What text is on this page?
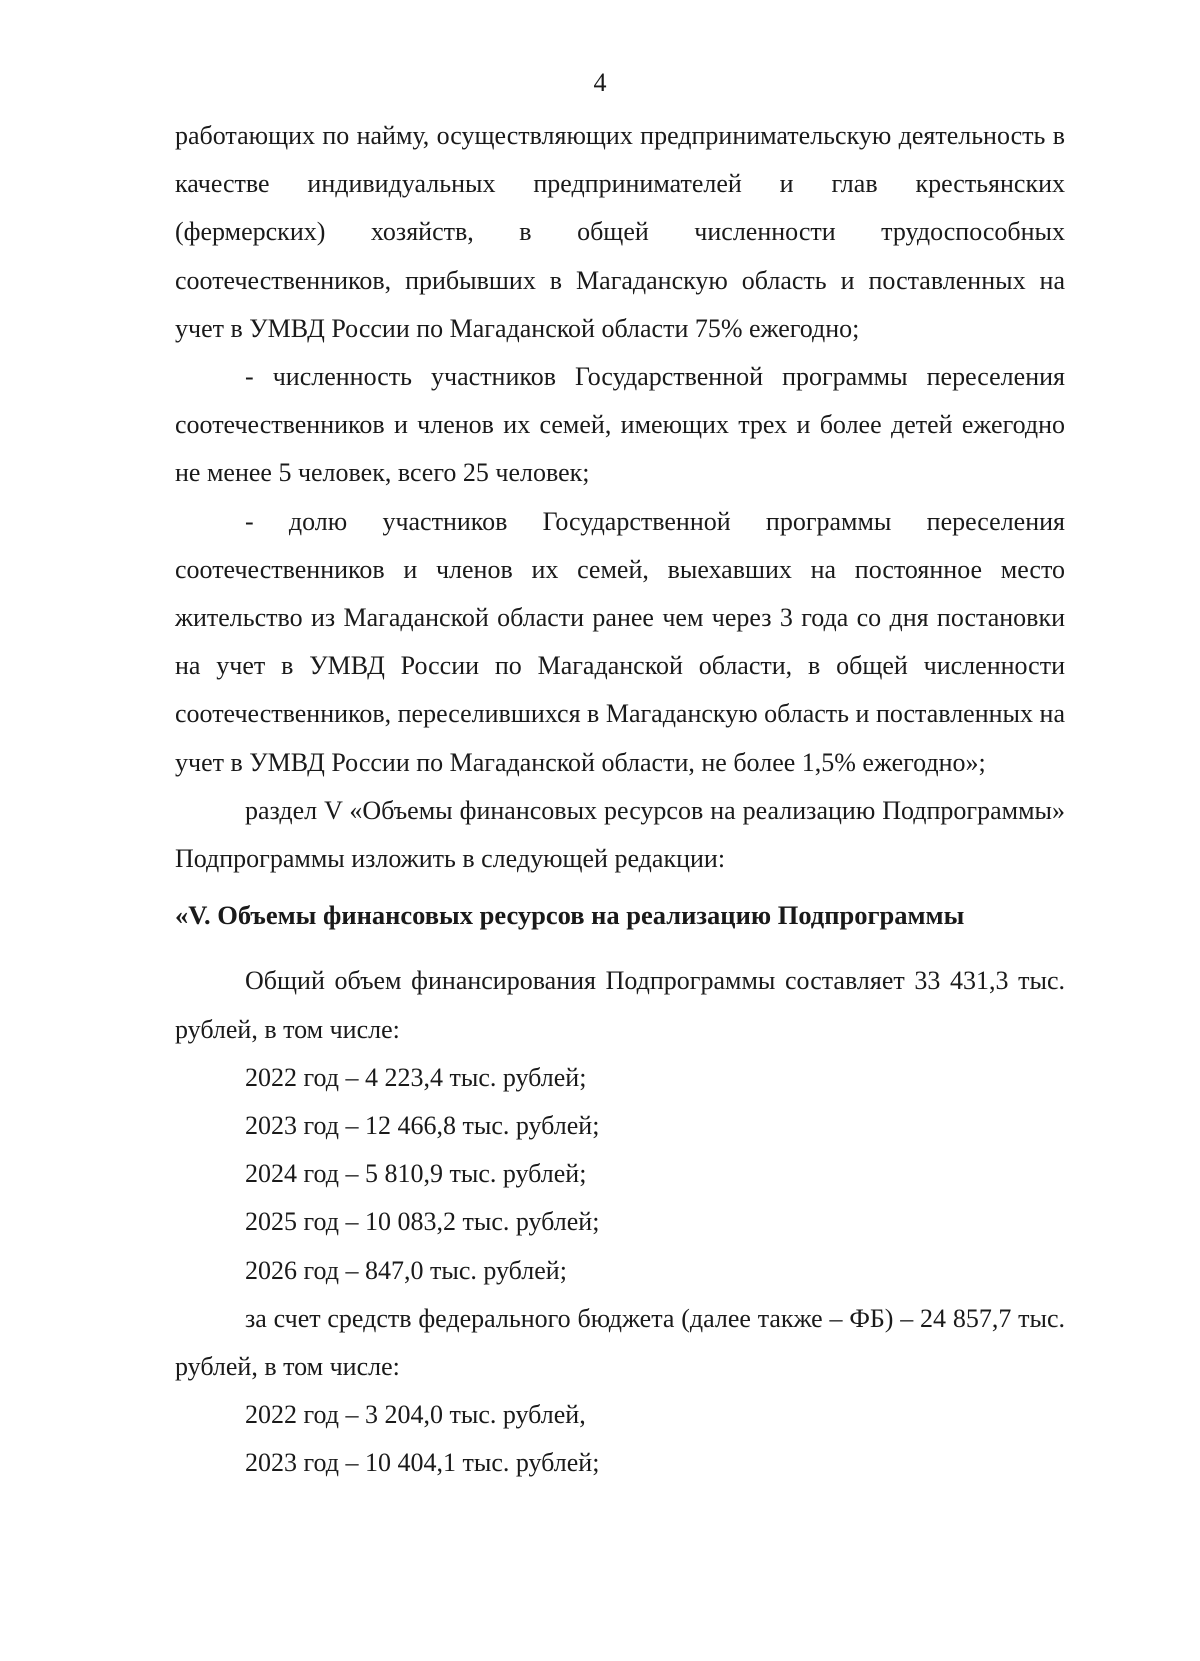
4

работающих по найму, осуществляющих предпринимательскую деятельность в качестве индивидуальных предпринимателей и глав крестьянских (фермерских) хозяйств, в общей численности трудоспособных соотечественников, прибывших в Магаданскую область и поставленных на учет в УМВД России по Магаданской области 75% ежегодно;

- численность участников Государственной программы переселения соотечественников и членов их семей, имеющих трех и более детей ежегодно не менее 5 человек, всего 25 человек;

- долю участников Государственной программы переселения соотечественников и членов их семей, выехавших на постоянное место жительство из Магаданской области ранее чем через 3 года со дня постановки на учет в УМВД России по Магаданской области, в общей численности соотечественников, переселившихся в Магаданскую область и поставленных на учет в УМВД России по Магаданской области, не более 1,5% ежегодно»;

раздел V «Объемы финансовых ресурсов на реализацию Подпрограммы» Подпрограммы изложить в следующей редакции:

«V. Объемы финансовых ресурсов на реализацию Подпрограммы

Общий объем финансирования Подпрограммы составляет 33 431,3 тыс. рублей, в том числе:

2022 год – 4 223,4 тыс. рублей;
2023 год – 12 466,8 тыс. рублей;
2024 год – 5 810,9 тыс. рублей;
2025 год – 10 083,2 тыс. рублей;
2026 год – 847,0 тыс. рублей;

за счет средств федерального бюджета (далее также – ФБ) – 24 857,7 тыс. рублей, в том числе:

2022 год – 3 204,0 тыс. рублей,
2023 год – 10 404,1 тыс. рублей;
